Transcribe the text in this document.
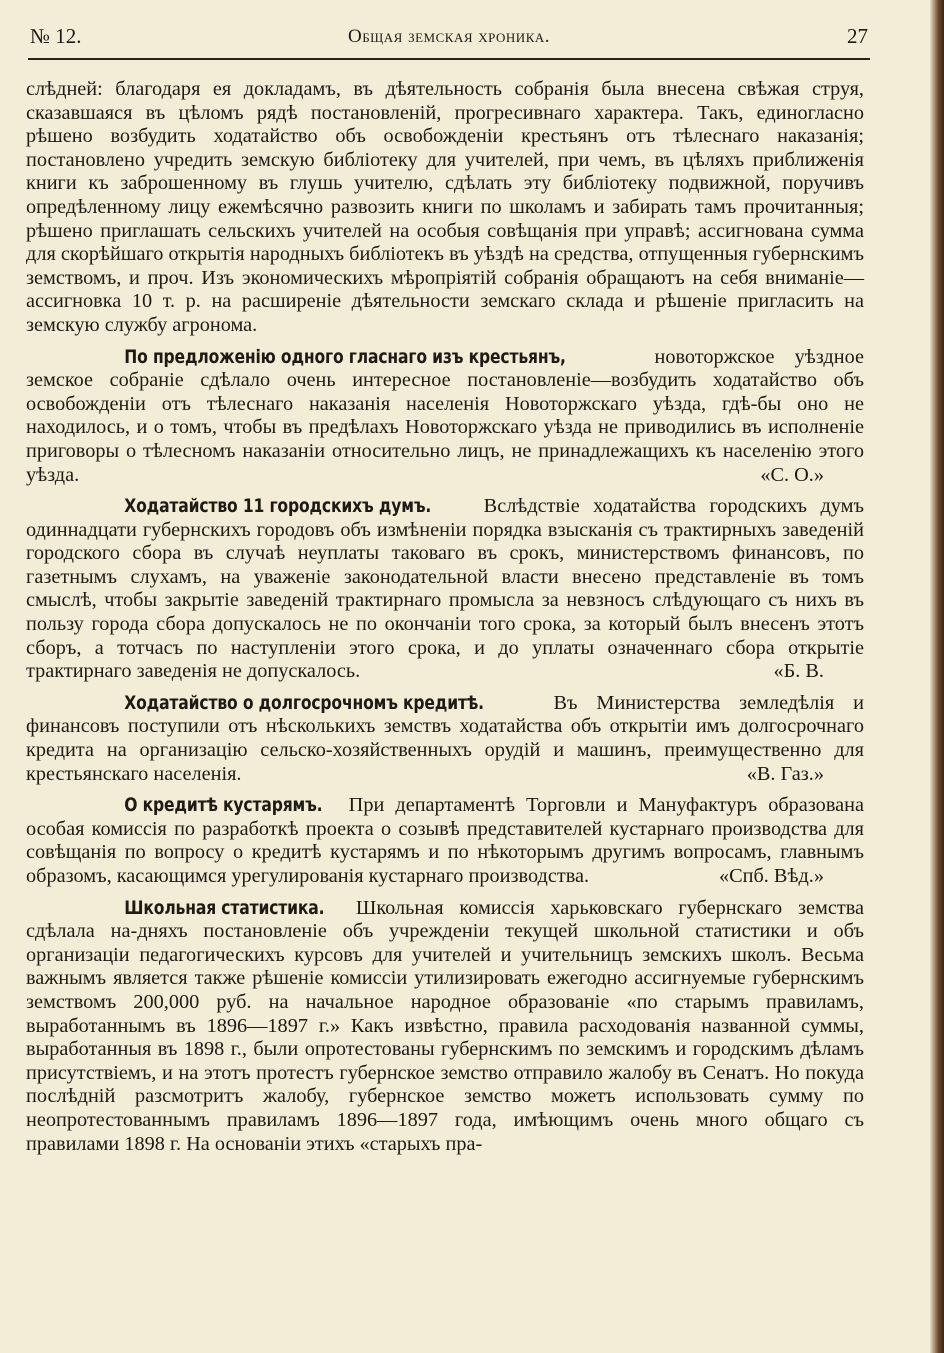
№ 12.	Общая земская хроника.	27

слѣдней: благодаря ея докладамъ, въ дѣятельность собранія была внесена свѣжая струя, сказавшаяся въ цѣломъ рядѣ постановленій, прогресивнаго характера. Такъ, единогласно рѣшено возбудить ходатайство объ освобожденіи крестьянъ отъ тѣлеснаго наказанія; постановлено учредить земскую библіотеку для учителей, при чемъ, въ цѣляхъ приближенія книги къ заброшенному въ глушь учителю, сдѣлать эту библіотеку подвижной, поручивъ опредѣленному лицу ежемѣсячно развозить книги по школамъ и забирать тамъ прочитанныя; рѣшено приглашать сельскихъ учителей на особыя совѣщанія при управѣ; ассигнована сумма для скорѣйшаго открытія народныхъ библіотекъ въ уѣздѣ на средства, отпущенныя губернскимъ земствомъ, и проч. Изъ экономическихъ мѣропріятій собранія обращаютъ на себя вниманіе—ассигновка 10 т. р. на расширеніе дѣятельности земскаго склада и рѣшеніе пригласить на земскую службу агронома.

По предложенію одного гласнаго изъ крестьянъ,	новоторжское уѣздное земское собраніе сдѣлало очень интересное постановленіе—возбудить ходатайство объ освобожденіи отъ тѣлеснаго наказанія населенія Новоторжскаго уѣзда, гдѣ-бы оно не находилось, и о томъ, чтобы въ предѣлахъ Новоторжскаго уѣзда не приводились въ исполненіе приговоры о тѣлесномъ наказаніи относительно лицъ, не принадлежащихъ къ населенію этого уѣзда.	«С. О.»

Ходатайство 11 городскихъ думъ. Вслѣдствіе ходатайства городскихъ думъ одиннадцати губернскихъ городовъ объ измѣненіи порядка взысканія съ трактирныхъ заведеній городского сбора въ случаѣ неуплаты таковаго въ срокъ, министерствомъ финансовъ, по газетнымъ слухамъ, на уваженіе законодательной власти внесено представленіе въ томъ смыслѣ, чтобы закрытіе заведеній трактирнаго промысла за невзносъ слѣдующаго съ нихъ въ пользу города сбора допускалось не по окончаніи того срока, за который былъ внесенъ этотъ сборъ, а тотчасъ по наступленіи этого срока, и до уплаты означеннаго сбора открытіе трактирнаго заведенія не допускалось.	«Б. В.

Ходатайство о долгосрочномъ кредитѣ. Въ Министерства земледѣлія и финансовъ поступили отъ нѣсколькихъ земствъ ходатайства объ открытіи имъ долгосрочнаго кредита на организацію сельско-хозяйственныхъ орудій и машинъ, преимущественно для крестьянскаго населенія.	«В. Газ.»

О кредитѣ кустарямъ. При департаментѣ Торговли и Мануфактуръ образована особая комиссія по разработкѣ проекта о созывѣ представителей кустарнаго производства для совѣщанія по вопросу о кредитѣ кустарямъ и по нѣкоторымъ другимъ вопросамъ, главнымъ образомъ, касающимся урегулированія кустарнаго производства.	«Спб. Вѣд.»

Школьная статистика. Школьная комиссія харьковскаго губернскаго земства сдѣлала на-дняхъ постановленіе объ учрежденіи текущей школьной статистики и объ организаціи педагогическихъ курсовъ для учителей и учительницъ земскихъ школъ. Весьма важнымъ является также рѣшеніе комиссіи утилизировать ежегодно ассигнуемые губернскимъ земствомъ 200,000 руб. на начальное народное образованіе «по старымъ правиламъ, выработаннымъ въ 1896—1897 г.» Какъ извѣстно, правила расходованія названной суммы, выработанныя въ 1898 г., были опротестованы губернскимъ по земскимъ и городскимъ дѣламъ присутствіемъ, и на этотъ протестъ губернское земство отправило жалобу въ Сенатъ. Но покуда послѣдній разсмотритъ жалобу, губернское земство можетъ использовать сумму по неопротестованнымъ правиламъ 1896—1897 года, имѣющимъ очень много общаго съ правилами 1898 г. На основаніи этихъ «старыхъ пра-
